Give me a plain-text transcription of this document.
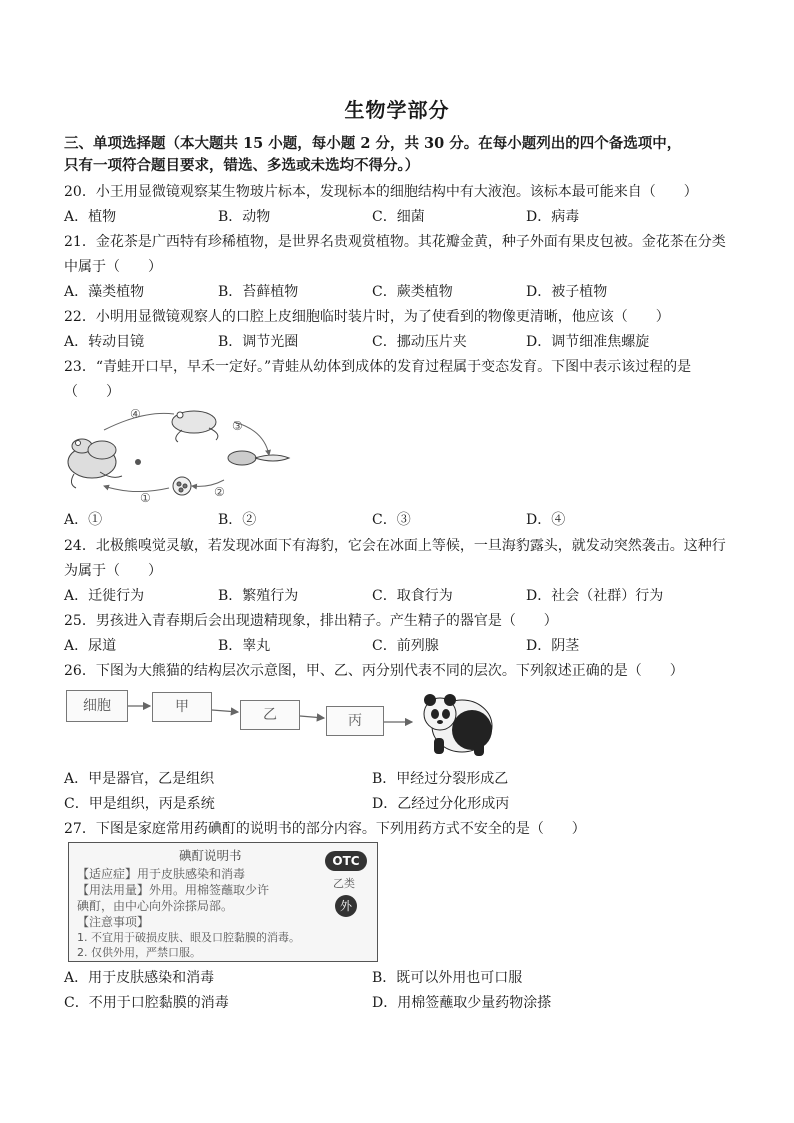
生物学部分
三、单项选择题（本大题共 15 小题，每小题 2 分，共 30 分。在每小题列出的四个备选项中，
只有一项符合题目要求，错选、多选或未选均不得分。）
20．小王用显微镜观察某生物玻片标本，发现标本的细胞结构中有大液泡。该标本最可能来自（　　）
A．植物	B．动物	C．细菌	D．病毒
21．金花茶是广西特有珍稀植物，是世界名贵观赏植物。其花瓣金黄，种子外面有果皮包被。金花茶在分类
中属于（　　）
A．藻类植物	B．苔藓植物	C．蕨类植物	D．被子植物
22．小明用显微镜观察人的口腔上皮细胞临时装片时，为了使看到的物像更清晰，他应该（　　）
A．转动目镜	B．调节光圈	C．挪动压片夹	D．调节细准焦螺旋
23．“青蛙开口早，早禾一定好。”青蛙从幼体到成体的发育过程属于变态发育。下图中表示该过程的是
（　　）
④
③
②
①
A．①	B．②	C．③	D．④
24．北极熊嗅觉灵敏，若发现冰面下有海豹，它会在冰面上等候，一旦海豹露头，就发动突然袭击。这种行
为属于（　　）
A．迁徙行为	B．繁殖行为	C．取食行为	D．社会（社群）行为
25．男孩进入青春期后会出现遗精现象，排出精子。产生精子的器官是（　　）
A．尿道	B．睾丸	C．前列腺	D．阴茎
26．下图为大熊猫的结构层次示意图，甲、乙、丙分别代表不同的层次。下列叙述正确的是（　　）
细胞	甲	乙	丙
A．甲是器官，乙是组织	B．甲经过分裂形成乙
C．甲是组织，丙是系统	D．乙经过分化形成丙
27．下图是家庭常用药碘酊的说明书的部分内容。下列用药方式不安全的是（　　）
碘酊说明书
【适应症】用于皮肤感染和消毒
【用法用量】外用。用棉签蘸取少许
碘酊，由中心向外涂搽局部。
【注意事项】
1. 不宜用于破损皮肤、眼及口腔黏膜的消毒。
2. 仅供外用，严禁口服。
OTC
乙类
外
A．用于皮肤感染和消毒	B．既可以外用也可口服
C．不用于口腔黏膜的消毒	D．用棉签蘸取少量药物涂搽
